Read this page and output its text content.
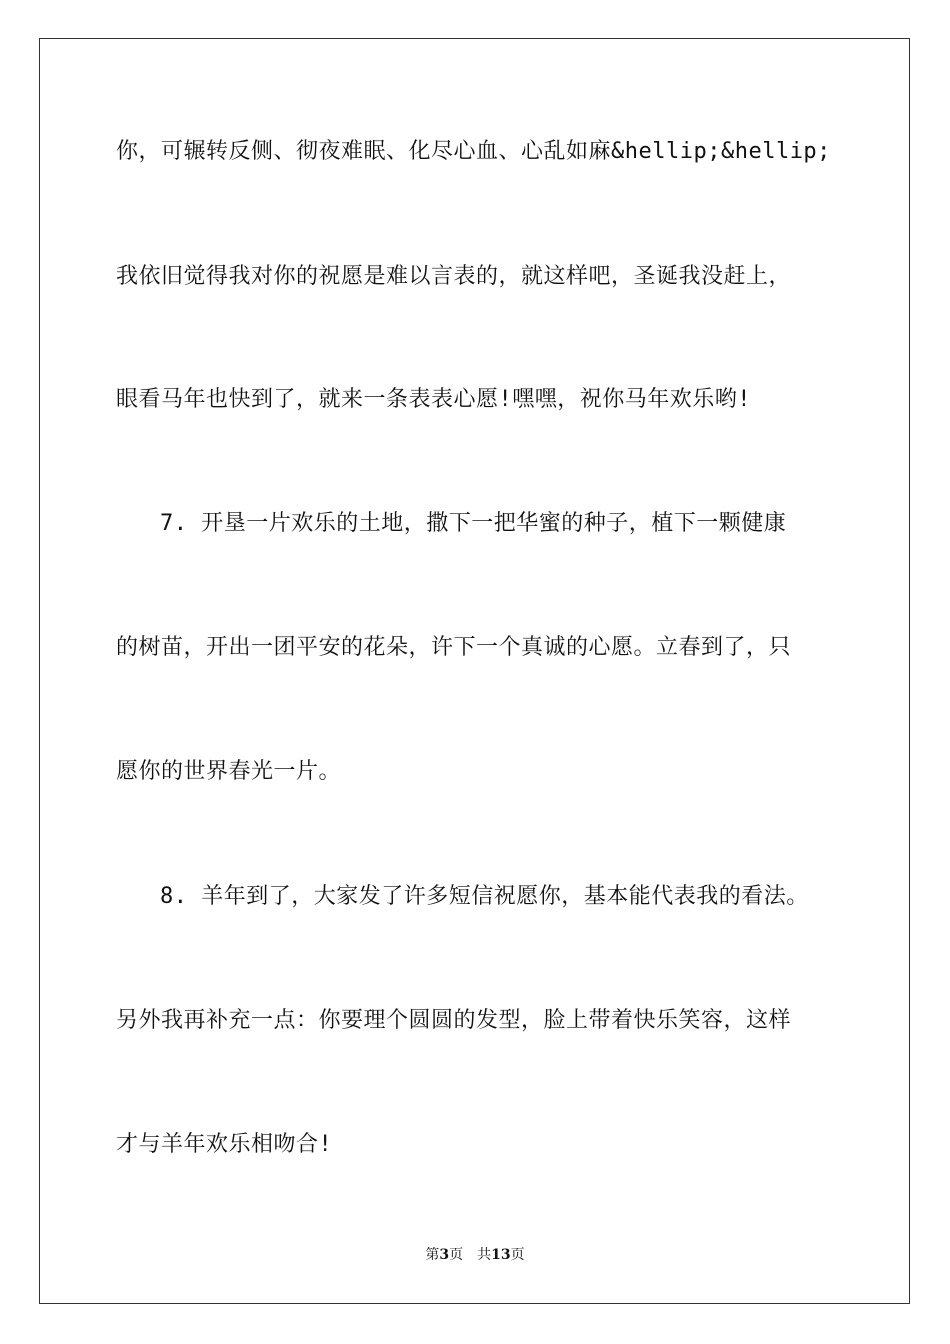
你，可辗转反侧、彻夜难眠、化尽心血、心乱如麻&hellip;&hellip;
我依旧觉得我对你的祝愿是难以言表的，就这样吧，圣诞我没赶上，
眼看马年也快到了，就来一条表表心愿!嘿嘿，祝你马年欢乐哟!
7. 开垦一片欢乐的土地，撒下一把华蜜的种子，植下一颗健康
的树苗，开出一团平安的花朵，许下一个真诚的心愿。立春到了，只
愿你的世界春光一片。
8. 羊年到了，大家发了许多短信祝愿你，基本能代表我的看法。
另外我再补充一点：你要理个圆圆的发型，脸上带着快乐笑容，这样
才与羊年欢乐相吻合!
第3页 共13页
